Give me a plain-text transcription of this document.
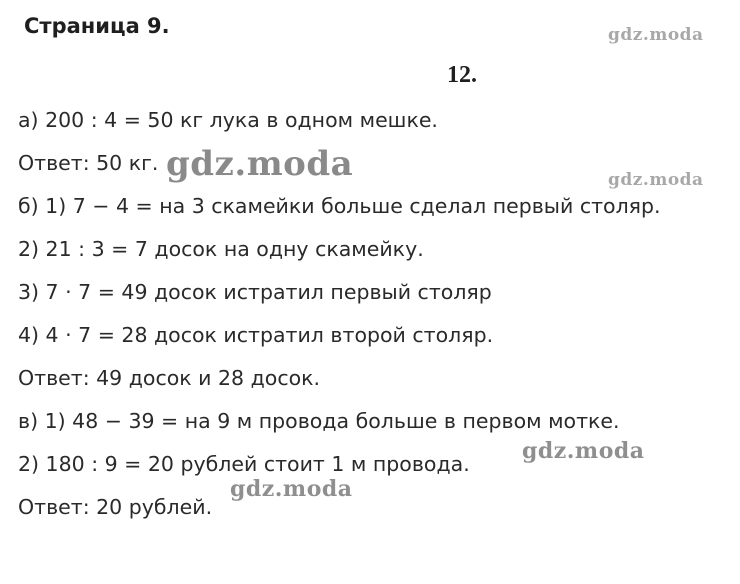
Страница 9.
12.
а) 200 : 4 = 50 кг лука в одном мешке.
Ответ: 50 кг.
б) 1) 7 − 4 = на 3 скамейки больше сделал первый столяр.
2) 21 : 3 = 7 досок на одну скамейку.
3) 7 · 7 = 49 досок истратил первый столяр
4) 4 · 7 = 28 досок истратил второй столяр.
Ответ: 49 досок и 28 досок.
в) 1) 48 − 39 = на 9 м провода больше в первом мотке.
2) 180 : 9 = 20 рублей стоит 1 м провода.
Ответ: 20 рублей.
gdz.moda
gdz.moda	gdz.moda
gdz.moda
gdz.moda
